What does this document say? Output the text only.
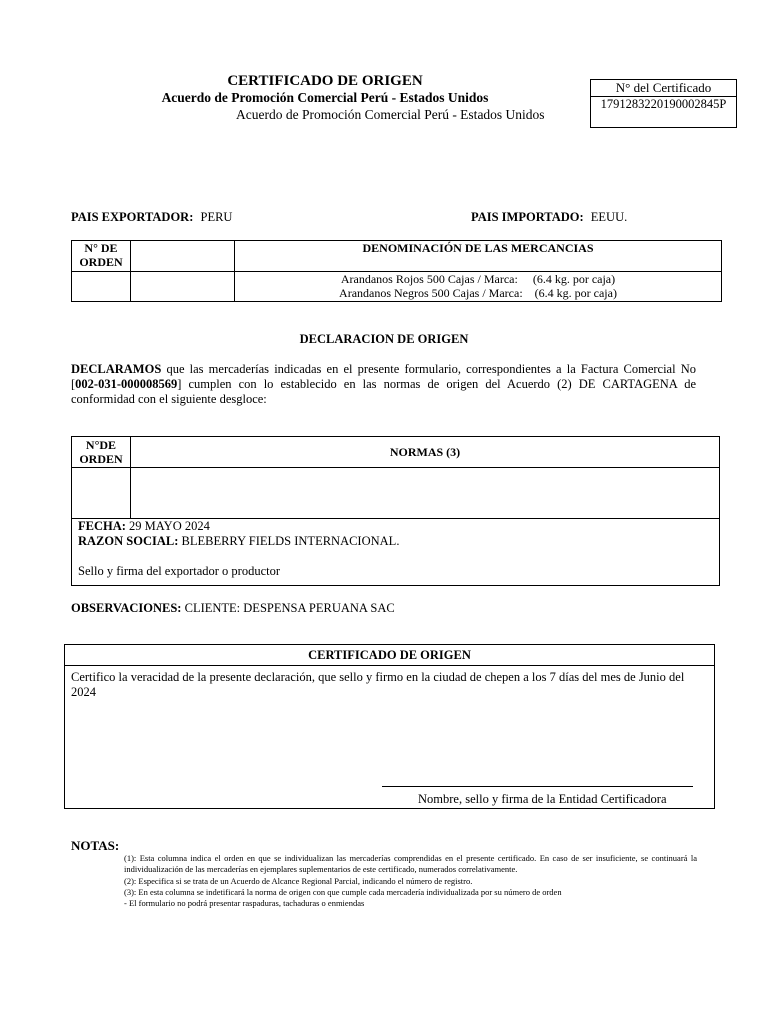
CERTIFICADO DE ORIGEN
Acuerdo de Promoción Comercial Perú - Estados Unidos
Acuerdo de Promoción Comercial Perú - Estados Unidos
N° del Certificado
1791283220190002845P
PAIS EXPORTADOR: PERU	PAIS IMPORTADO: EEUU.
N° DE ORDEN		DENOMINACIÓN DE LAS MERCANCIAS

		Arandanos Rojos 500 Cajas / Marca:     (6.4 kg. por caja)
Arandanos Negros 500 Cajas / Marca:    (6.4 kg. por caja)
DECLARACION DE ORIGEN
DECLARAMOS que las mercaderías indicadas en el presente formulario, correspondientes a la Factura Comercial No [002-031-000008569] cumplen con lo establecido en las normas de origen del Acuerdo (2) DE CARTAGENA de conformidad con el siguiente desgloce:
N°DE ORDEN	NORMAS (3)

FECHA: 29 MAYO 2024
RAZON SOCIAL: BLEBERRY FIELDS INTERNACIONAL.
Sello y firma del exportador o productor	
OBSERVACIONES: CLIENTE: DESPENSA PERUANA SAC
CERTIFICADO DE ORIGEN
Certifico la veracidad de la presente declaración, que sello y firmo en la ciudad de chepen a los 7 días del mes de Junio del 2024
Nombre, sello y firma de la Entidad Certificadora
NOTAS:
(1): Esta columna indica el orden en que se individualizan las mercaderías comprendidas en el presente certificado. En caso de ser insuficiente, se continuará la individualización de las mercaderías en ejemplares suplementarios de este certificado, numerados correlativamente.
(2): Especifica si se trata de un Acuerdo de Alcance Regional Parcial, indicando el número de registro.
(3): En esta columna se indetificará la norma de origen con que cumple cada mercadería individualizada por su número de orden
- El formulario no podrá presentar raspaduras, tachaduras o enmiendas
